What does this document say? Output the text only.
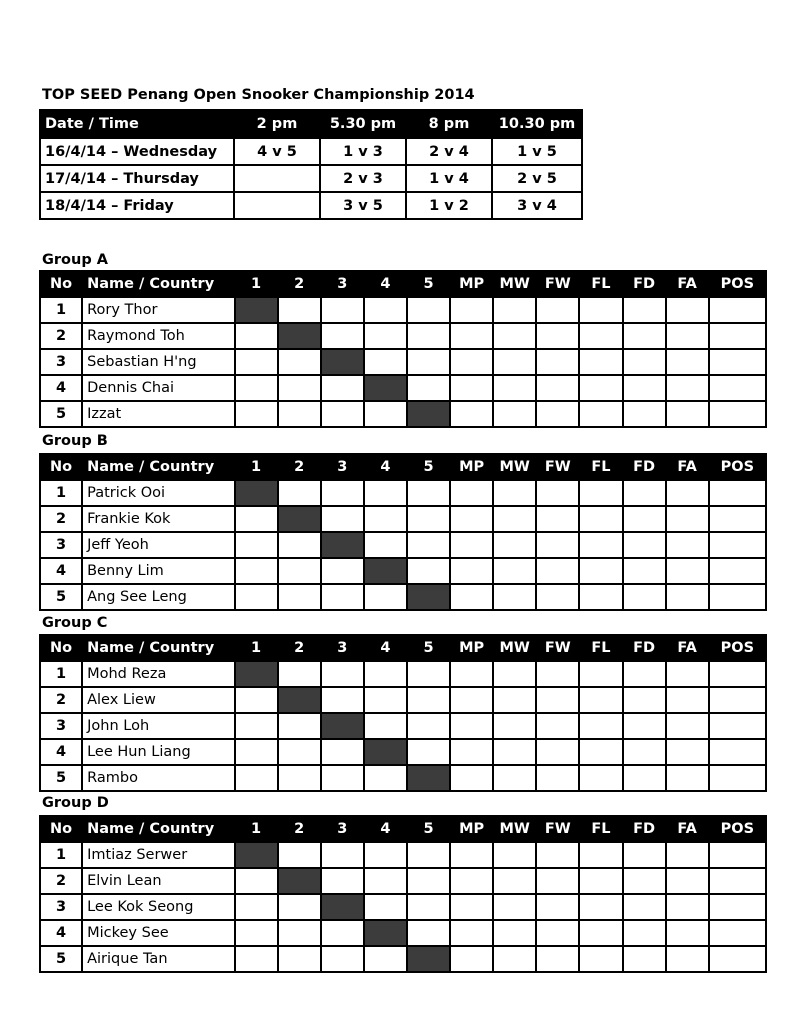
TOP SEED Penang Open Snooker Championship 2014
Date / Time	2 pm	5.30 pm	8 pm	10.30 pm
16/4/14 – Wednesday	4 v 5	1 v 3	2 v 4	1 v 5
17/4/14 – Thursday		2 v 3	1 v 4	2 v 5
18/4/14 – Friday		3 v 5	1 v 2	3 v 4
Group A
No	Name / Country	1	2	3	4	5	MP	MW	FW	FL	FD	FA	POS
1	Rory Thor												
2	Raymond Toh												
3	Sebastian H'ng												
4	Dennis Chai												
5	Izzat												
Group B
No	Name / Country	1	2	3	4	5	MP	MW	FW	FL	FD	FA	POS
1	Patrick Ooi												
2	Frankie Kok												
3	Jeff Yeoh												
4	Benny Lim												
5	Ang See Leng												
Group C
No	Name / Country	1	2	3	4	5	MP	MW	FW	FL	FD	FA	POS
1	Mohd Reza												
2	Alex Liew												
3	John Loh												
4	Lee Hun Liang												
5	Rambo												
Group D
No	Name / Country	1	2	3	4	5	MP	MW	FW	FL	FD	FA	POS
1	Imtiaz Serwer												
2	Elvin Lean												
3	Lee Kok Seong												
4	Mickey See												
5	Airique Tan												
